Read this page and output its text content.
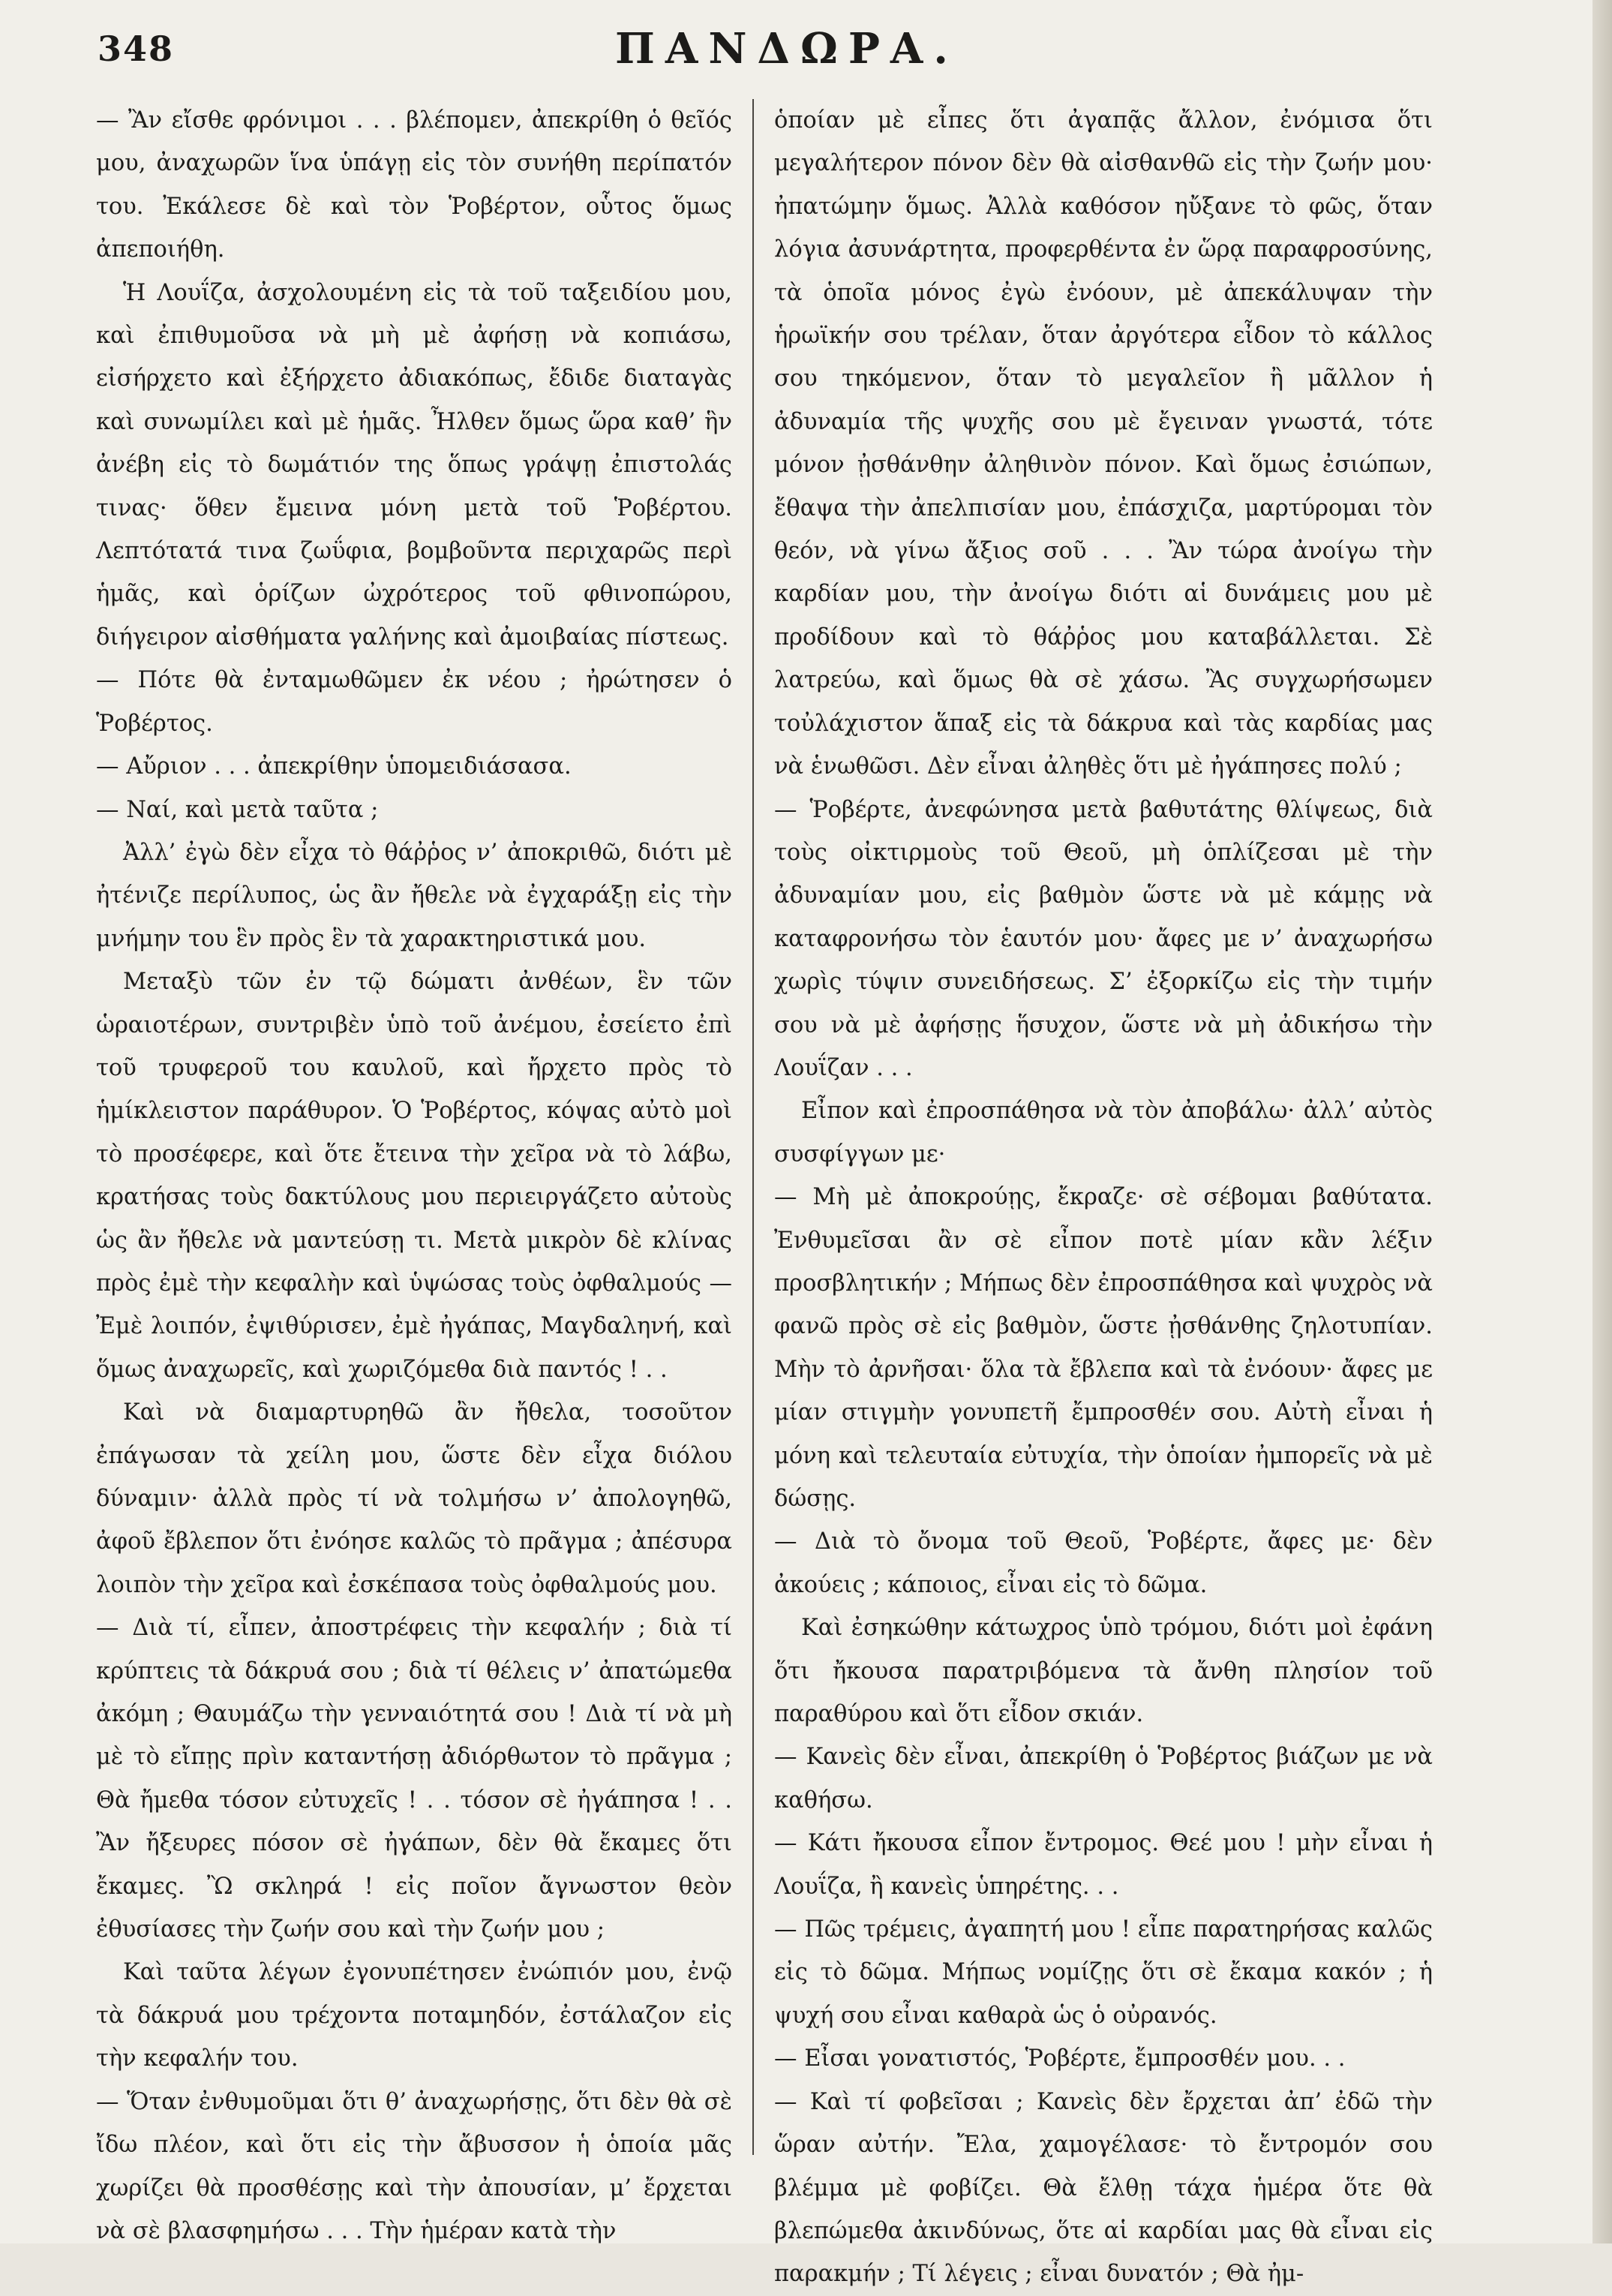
348	ΠΑΝΔΩΡΑ.

— Ἂν εἴσθε φρόνιμοι . . . βλέπομεν, ἀπεκρίθη ὁ θεῖός μου, ἀναχωρῶν ἵνα ὑπάγῃ εἰς τὸν συνήθη περίπατόν του. Ἐκάλεσε δὲ καὶ τὸν Ῥοβέρτον, οὗτος ὅμως ἀπεποιήθη.

Ἡ Λουΐζα, ἀσχολουμένη εἰς τὰ τοῦ ταξειδίου μου, καὶ ἐπιθυμοῦσα νὰ μὴ μὲ ἀφήσῃ νὰ κοπιάσω, εἰσήρχετο καὶ ἐξήρχετο ἀδιακόπως, ἔδιδε διαταγὰς καὶ συνωμίλει καὶ μὲ ἡμᾶς. Ἦλθεν ὅμως ὥρα καθ’ ἣν ἀνέβη εἰς τὸ δωμάτιόν της ὅπως γράψῃ ἐπιστολάς τινας· ὅθεν ἔμεινα μόνη μετὰ τοῦ Ῥοβέρτου. Λεπτότατά τινα ζωΰφια, βομβοῦντα περιχαρῶς περὶ ἡμᾶς, καὶ ὁρίζων ὠχρότερος τοῦ φθινοπώρου, διήγειρον αἰσθήματα γαλήνης καὶ ἀμοιβαίας πίστεως.

— Πότε θὰ ἐνταμωθῶμεν ἐκ νέου ; ἠρώτησεν ὁ Ῥοβέρτος.

— Αὔριον . . . ἀπεκρίθην ὑπομειδιάσασα.

— Ναί, καὶ μετὰ ταῦτα ;

Ἀλλ’ ἐγὼ δὲν εἶχα τὸ θάῤῥος ν’ ἀποκριθῶ, διότι μὲ ἠτένιζε περίλυπος, ὡς ἂν ἤθελε νὰ ἐγχαράξῃ εἰς τὴν μνήμην του ἓν πρὸς ἓν τὰ χαρακτηριστικά μου.

Μεταξὺ τῶν ἐν τῷ δώματι ἀνθέων, ἓν τῶν ὡραιοτέρων, συντριβὲν ὑπὸ τοῦ ἀνέμου, ἐσείετο ἐπὶ τοῦ τρυφεροῦ του καυλοῦ, καὶ ἤρχετο πρὸς τὸ ἡμίκλειστον παράθυρον. Ὁ Ῥοβέρτος, κόψας αὐτὸ μοὶ τὸ προσέφερε, καὶ ὅτε ἔτεινα τὴν χεῖρα νὰ τὸ λάβω, κρατήσας τοὺς δακτύλους μου περιειργάζετο αὐτοὺς ὡς ἂν ἤθελε νὰ μαντεύσῃ τι. Μετὰ μικρὸν δὲ κλίνας πρὸς ἐμὲ τὴν κεφαλὴν καὶ ὑψώσας τοὺς ὀφθαλμούς — Ἐμὲ λοιπόν, ἐψιθύρισεν, ἐμὲ ἠγάπας, Μαγδαληνή, καὶ ὅμως ἀναχωρεῖς, καὶ χωριζόμεθα διὰ παντός ! . .

Καὶ νὰ διαμαρτυρηθῶ ἂν ἤθελα, τοσοῦτον ἐπάγωσαν τὰ χείλη μου, ὥστε δὲν εἶχα διόλου δύναμιν· ἀλλὰ πρὸς τί νὰ τολμήσω ν’ ἀπολογηθῶ, ἀφοῦ ἔβλεπον ὅτι ἐνόησε καλῶς τὸ πρᾶγμα ; ἀπέσυρα λοιπὸν τὴν χεῖρα καὶ ἐσκέπασα τοὺς ὀφθαλμούς μου.

— Διὰ τί, εἶπεν, ἀποστρέφεις τὴν κεφαλήν ; διὰ τί κρύπτεις τὰ δάκρυά σου ; διὰ τί θέλεις ν’ ἀπατώμεθα ἀκόμη ; Θαυμάζω τὴν γενναιότητά σου ! Διὰ τί νὰ μὴ μὲ τὸ εἴπῃς πρὶν καταντήσῃ ἀδιόρθωτον τὸ πρᾶγμα ; Θὰ ἤμεθα τόσον εὐτυχεῖς ! . . τόσον σὲ ἠγάπησα ! . . Ἂν ἤξευρες πόσον σὲ ἠγάπων, δὲν θὰ ἔκαμες ὅτι ἔκαμες. Ὢ σκληρά ! εἰς ποῖον ἄγνωστον θεὸν ἐθυσίασες τὴν ζωήν σου καὶ τὴν ζωήν μου ;

Καὶ ταῦτα λέγων ἐγονυπέτησεν ἐνώπιόν μου, ἐνῷ τὰ δάκρυά μου τρέχοντα ποταμηδόν, ἐστάλαζον εἰς τὴν κεφαλήν του.

— Ὅταν ἐνθυμοῦμαι ὅτι θ’ ἀναχωρήσῃς, ὅτι δὲν θὰ σὲ ἴδω πλέον, καὶ ὅτι εἰς τὴν ἄβυσσον ἡ ὁποία μᾶς χωρίζει θὰ προσθέσῃς καὶ τὴν ἀπουσίαν, μ’ ἔρχεται νὰ σὲ βλασφημήσω . . . Τὴν ἡμέραν κατὰ τὴν

ὁποίαν μὲ εἶπες ὅτι ἀγαπᾷς ἄλλον, ἐνόμισα ὅτι μεγαλήτερον πόνον δὲν θὰ αἰσθανθῶ εἰς τὴν ζωήν μου· ἠπατώμην ὅμως. Ἀλλὰ καθόσον ηὔξανε τὸ φῶς, ὅταν λόγια ἀσυνάρτητα, προφερθέντα ἐν ὥρᾳ παραφροσύνης, τὰ ὁποῖα μόνος ἐγὼ ἐνόουν, μὲ ἀπεκάλυψαν τὴν ἡρωϊκήν σου τρέλαν, ὅταν ἀργότερα εἶδον τὸ κάλλος σου τηκόμενον, ὅταν τὸ μεγαλεῖον ἢ μᾶλλον ἡ ἀδυναμία τῆς ψυχῆς σου μὲ ἔγειναν γνωστά, τότε μόνον ᾐσθάνθην ἀληθινὸν πόνον. Καὶ ὅμως ἐσιώπων, ἔθαψα τὴν ἀπελπισίαν μου, ἐπάσχιζα, μαρτύρομαι τὸν θεόν, νὰ γίνω ἄξιος σοῦ . . . Ἂν τώρα ἀνοίγω τὴν καρδίαν μου, τὴν ἀνοίγω διότι αἱ δυνάμεις μου μὲ προδίδουν καὶ τὸ θάῤῥος μου καταβάλλεται. Σὲ λατρεύω, καὶ ὅμως θὰ σὲ χάσω. Ἂς συγχωρήσωμεν τοὐλάχιστον ἅπαξ εἰς τὰ δάκρυα καὶ τὰς καρδίας μας νὰ ἑνωθῶσι. Δὲν εἶναι ἀληθὲς ὅτι μὲ ἠγάπησες πολύ ;

— Ῥοβέρτε, ἀνεφώνησα μετὰ βαθυτάτης θλίψεως, διὰ τοὺς οἰκτιρμοὺς τοῦ Θεοῦ, μὴ ὁπλίζεσαι μὲ τὴν ἀδυναμίαν μου, εἰς βαθμὸν ὥστε νὰ μὲ κάμῃς νὰ καταφρονήσω τὸν ἑαυτόν μου· ἄφες με ν’ ἀναχωρήσω χωρὶς τύψιν συνειδήσεως. Σ’ ἐξορκίζω εἰς τὴν τιμήν σου νὰ μὲ ἀφήσῃς ἥσυχον, ὥστε νὰ μὴ ἀδικήσω τὴν Λουΐζαν . . .

Εἶπον καὶ ἐπροσπάθησα νὰ τὸν ἀποβάλω· ἀλλ’ αὐτὸς συσφίγγων με·

— Μὴ μὲ ἀποκρούῃς, ἔκραζε· σὲ σέβομαι βαθύτατα. Ἐνθυμεῖσαι ἂν σὲ εἶπον ποτὲ μίαν κἂν λέξιν προσβλητικήν ; Μήπως δὲν ἐπροσπάθησα καὶ ψυχρὸς νὰ φανῶ πρὸς σὲ εἰς βαθμὸν, ὥστε ᾐσθάνθης ζηλοτυπίαν. Μὴν τὸ ἀρνῆσαι· ὅλα τὰ ἔβλεπα καὶ τὰ ἐνόουν· ἄφες με μίαν στιγμὴν γονυπετῆ ἔμπροσθέν σου. Αὐτὴ εἶναι ἡ μόνη καὶ τελευταία εὐτυχία, τὴν ὁποίαν ἠμπορεῖς νὰ μὲ δώσῃς.

— Διὰ τὸ ὄνομα τοῦ Θεοῦ, Ῥοβέρτε, ἄφες με· δὲν ἀκούεις ; κάποιος, εἶναι εἰς τὸ δῶμα.

Καὶ ἐσηκώθην κάτωχρος ὑπὸ τρόμου, διότι μοὶ ἐφάνη ὅτι ἤκουσα παρατριβόμενα τὰ ἄνθη πλησίον τοῦ παραθύρου καὶ ὅτι εἶδον σκιάν.

— Κανεὶς δὲν εἶναι, ἀπεκρίθη ὁ Ῥοβέρτος βιάζων με νὰ καθήσω.

— Κάτι ἤκουσα εἶπον ἔντρομος. Θεέ μου ! μὴν εἶναι ἡ Λουΐζα, ἢ κανεὶς ὑπηρέτης. . .

— Πῶς τρέμεις, ἀγαπητή μου ! εἶπε παρατηρήσας καλῶς εἰς τὸ δῶμα. Μήπως νομίζῃς ὅτι σὲ ἔκαμα κακόν ; ἡ ψυχή σου εἶναι καθαρὰ ὡς ὁ οὐρανός.

— Εἶσαι γονατιστός, Ῥοβέρτε, ἔμπροσθέν μου. . .

— Καὶ τί φοβεῖσαι ; Κανεὶς δὲν ἔρχεται ἀπ’ ἐδῶ τὴν ὥραν αὐτήν. Ἔλα, χαμογέλασε· τὸ ἔντρομόν σου βλέμμα μὲ φοβίζει. Θὰ ἔλθῃ τάχα ἡμέρα ὅτε θὰ βλεπώμεθα ἀκινδύνως, ὅτε αἱ καρδίαι μας θὰ εἶναι εἰς παρακμήν ; Τί λέγεις ; εἶναι δυνατόν ; Θὰ ἠμ-
